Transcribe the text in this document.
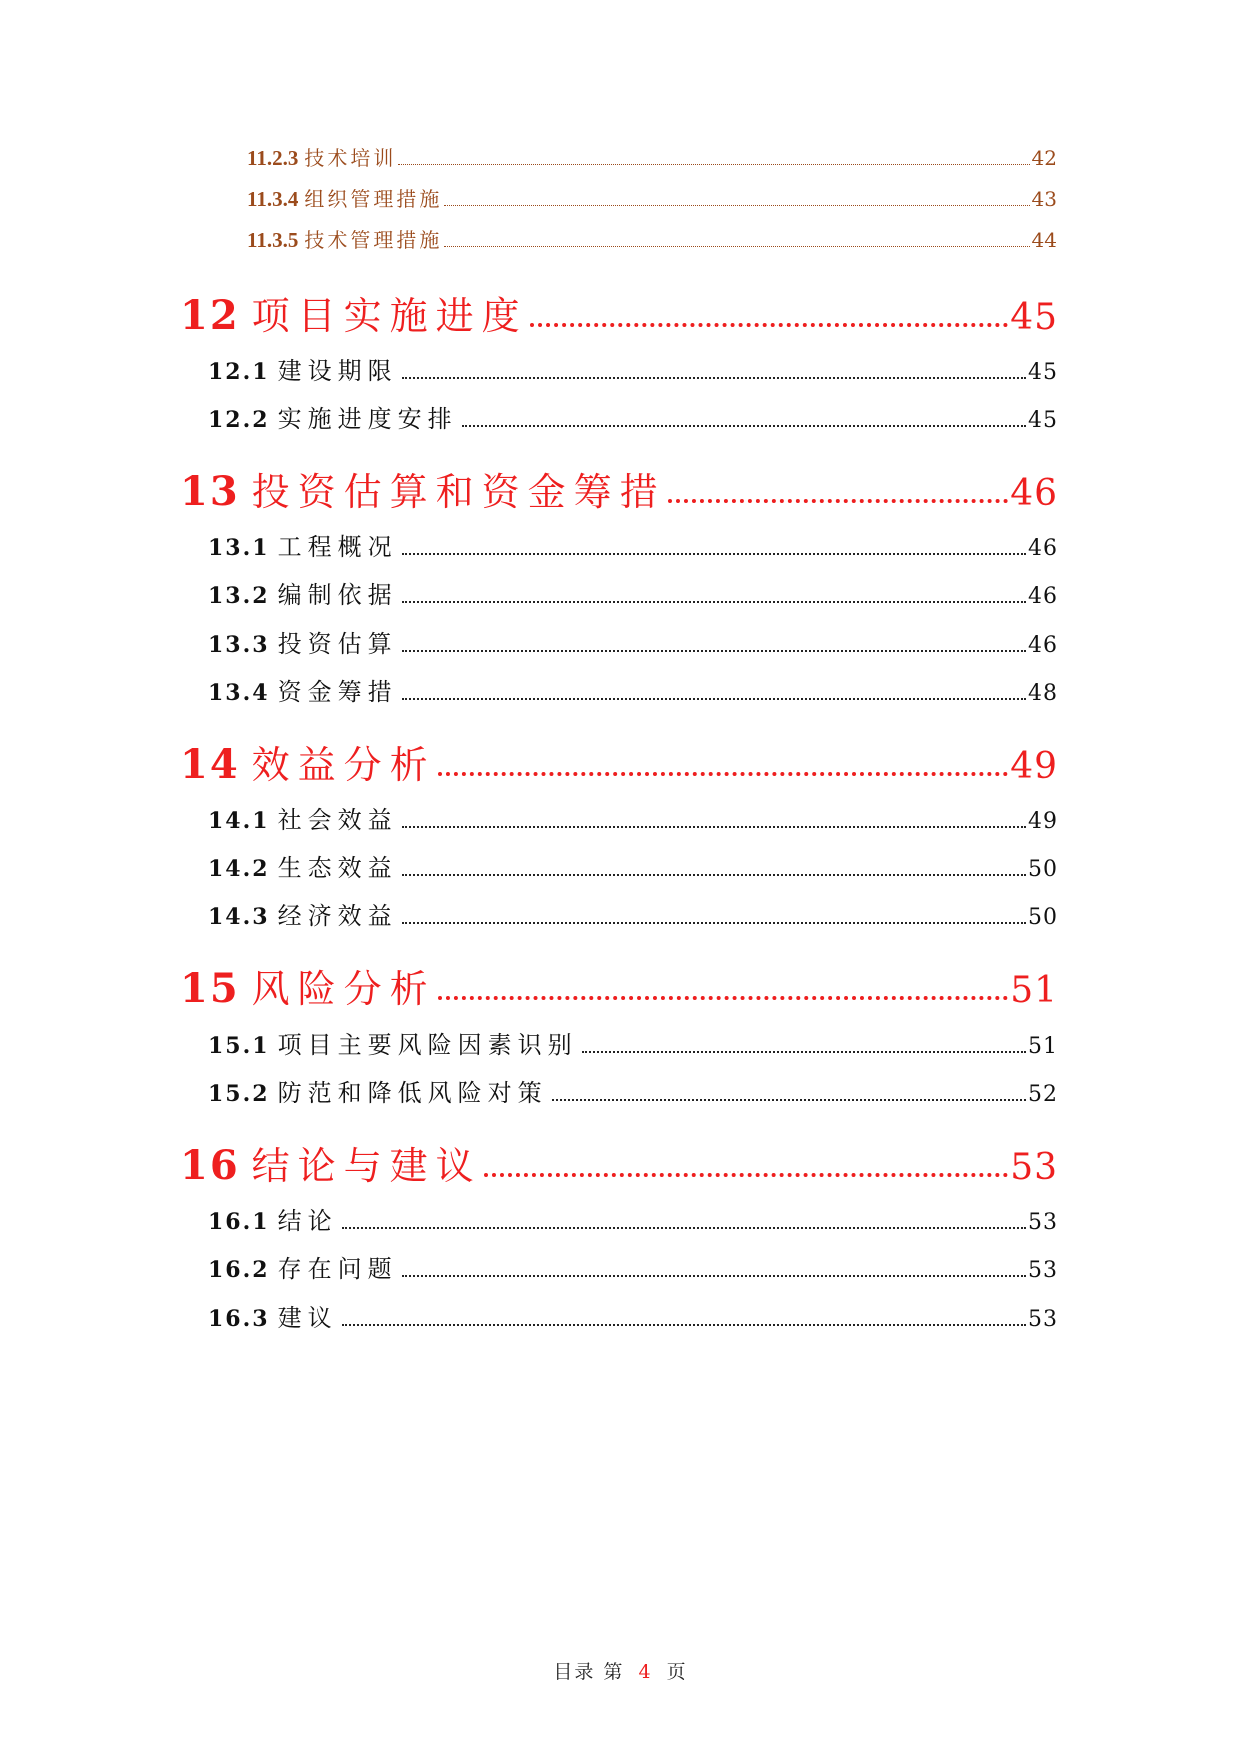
11.2.3 技术培训	42
11.3.4 组织管理措施	43
11.3.5 技术管理措施	44
12 项目实施进度	45
12.1 建设期限	45
12.2 实施进度安排	45
13 投资估算和资金筹措	46
13.1 工程概况	46
13.2 编制依据	46
13.3 投资估算	46
13.4 资金筹措	48
14 效益分析	49
14.1 社会效益	49
14.2 生态效益	50
14.3 经济效益	50
15 风险分析	51
15.1 项目主要风险因素识别	51
15.2 防范和降低风险对策	52
16 结论与建议	53
16.1 结论	53
16.2 存在问题	53
16.3 建议	53
目录 第 4 页
